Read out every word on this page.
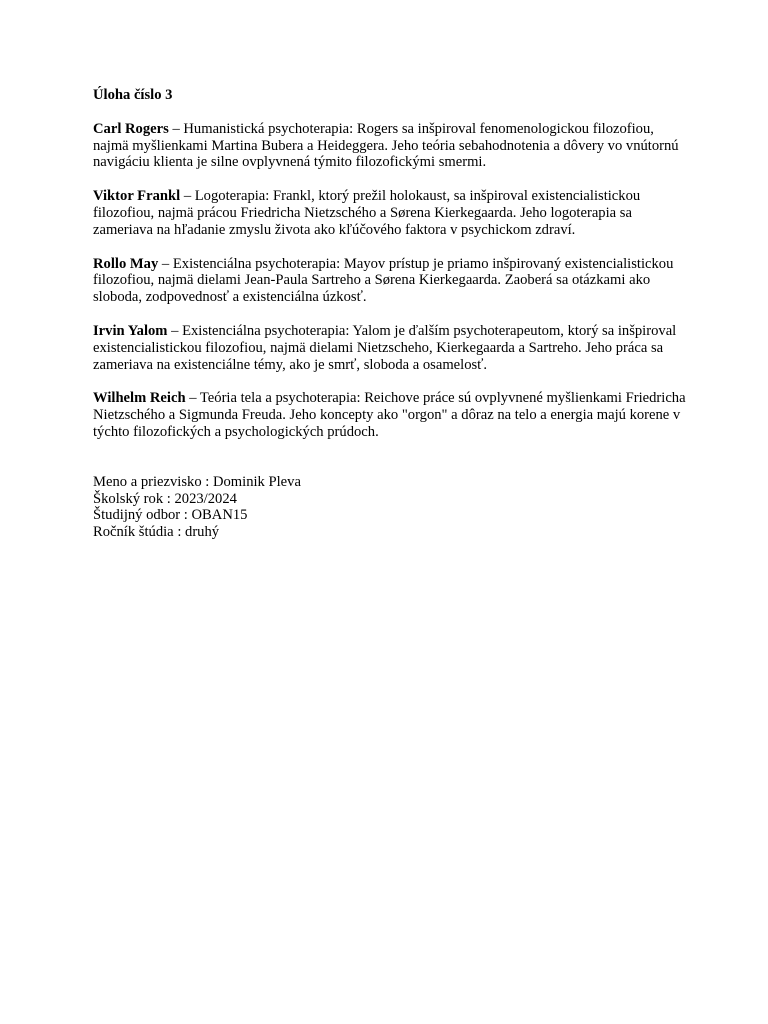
Úloha číslo 3
Carl Rogers – Humanistická psychoterapia: Rogers sa inšpiroval fenomenologickou filozofiou, najmä myšlienkami Martina Bubera a Heideggera. Jeho teória sebahodnotenia a dôvery vo vnútornú navigáciu klienta je silne ovplyvnená týmito filozofickými smermi.
Viktor Frankl – Logoterapia: Frankl, ktorý prežil holokaust, sa inšpiroval existencialistickou filozofiou, najmä prácou Friedricha Nietzschého a Sørena Kierkegaarda. Jeho logoterapia sa zameriava na hľadanie zmyslu života ako kľúčového faktora v psychickom zdraví.
Rollo May – Existenciálna psychoterapia: Mayov prístup je priamo inšpirovaný existencialistickou filozofiou, najmä dielami Jean-Paula Sartreho a Sørena Kierkegaarda. Zaoberá sa otázkami ako sloboda, zodpovednosť a existenciálna úzkosť.
Irvin Yalom – Existenciálna psychoterapia: Yalom je ďalším psychoterapeutom, ktorý sa inšpiroval existencialistickou filozofiou, najmä dielami Nietzscheho, Kierkegaarda a Sartreho. Jeho práca sa zameriava na existenciálne témy, ako je smrť, sloboda a osamelosť.
Wilhelm Reich – Teória tela a psychoterapia: Reichove práce sú ovplyvnené myšlienkami Friedricha Nietzschého a Sigmunda Freuda. Jeho koncepty ako "orgon" a dôraz na telo a energia majú korene v týchto filozofických a psychologických prúdoch.
Meno a priezvisko : Dominik Pleva
Školský rok : 2023/2024
Študijný odbor : OBAN15
Ročník štúdia : druhý
